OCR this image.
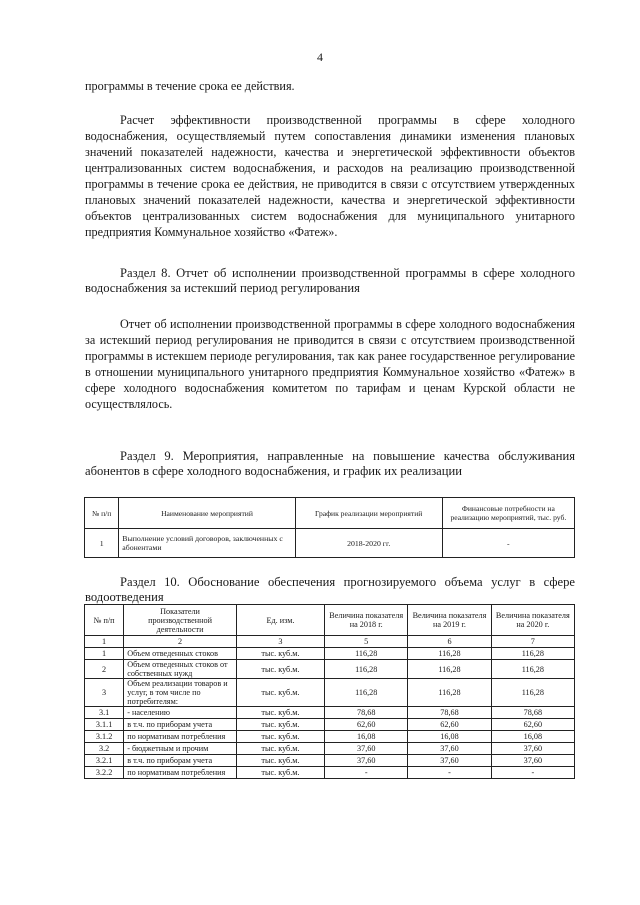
4

программы в течение срока ее действия.

Расчет эффективности производственной программы в сфере холодного водоснабжения, осуществляемый путем сопоставления динамики изменения плановых значений показателей надежности, качества и энергетической эффективности объектов централизованных систем водоснабжения, и расходов на реализацию производственной программы в течение срока ее действия, не приводится в связи с отсутствием утвержденных плановых значений показателей надежности, качества и энергетической эффективности объектов централизованных систем водоснабжения для муниципального унитарного предприятия Коммунальное хозяйство «Фатеж».

Раздел 8. Отчет об исполнении производственной программы в сфере холодного водоснабжения за истекший период регулирования

Отчет об исполнении производственной программы в сфере холодного водоснабжения за истекший период регулирования не приводится в связи с отсутствием производственной программы в истекшем периоде регулирования, так как ранее государственное регулирование в отношении муниципального унитарного предприятия Коммунальное хозяйство «Фатеж» в сфере холодного водоснабжения комитетом по тарифам и ценам Курской области не осуществлялось.

Раздел 9. Мероприятия, направленные на повышение качества обслуживания абонентов в сфере холодного водоснабжения, и график их реализации

№ п/п	Наименование мероприятий	График реализации мероприятий	Финансовые потребности на реализацию мероприятий, тыс. руб.
1	Выполнение условий договоров, заключенных с абонентами	2018-2020 гг.	-

Раздел 10. Обоснование обеспечения прогнозируемого объема услуг в сфере водоотведения

№ п/п	Показатели производственной деятельности	Ед. изм.	Величина показателя на 2018 г.	Величина показателя на 2019 г.	Величина показателя на 2020 г.
1	2	3	5	6	7
1	Объем отведенных стоков	тыс. куб.м.	116,28	116,28	116,28
2	Объем отведенных стоков от собственных нужд	тыс. куб.м.	116,28	116,28	116,28
3	Объем реализации товаров и услуг, в том числе по потребителям:	тыс. куб.м.	116,28	116,28	116,28
3.1	- населению	тыс. куб.м.	78,68	78,68	78,68
3.1.1	в т.ч. по приборам учета	тыс. куб.м.	62,60	62,60	62,60
3.1.2	по нормативам потребления	тыс. куб.м.	16,08	16,08	16,08
3.2	- бюджетным и прочим	тыс. куб.м.	37,60	37,60	37,60
3.2.1	в т.ч. по приборам учета	тыс. куб.м.	37,60	37,60	37,60
3.2.2	по нормативам потребления	тыс. куб.м.	-	-	-
